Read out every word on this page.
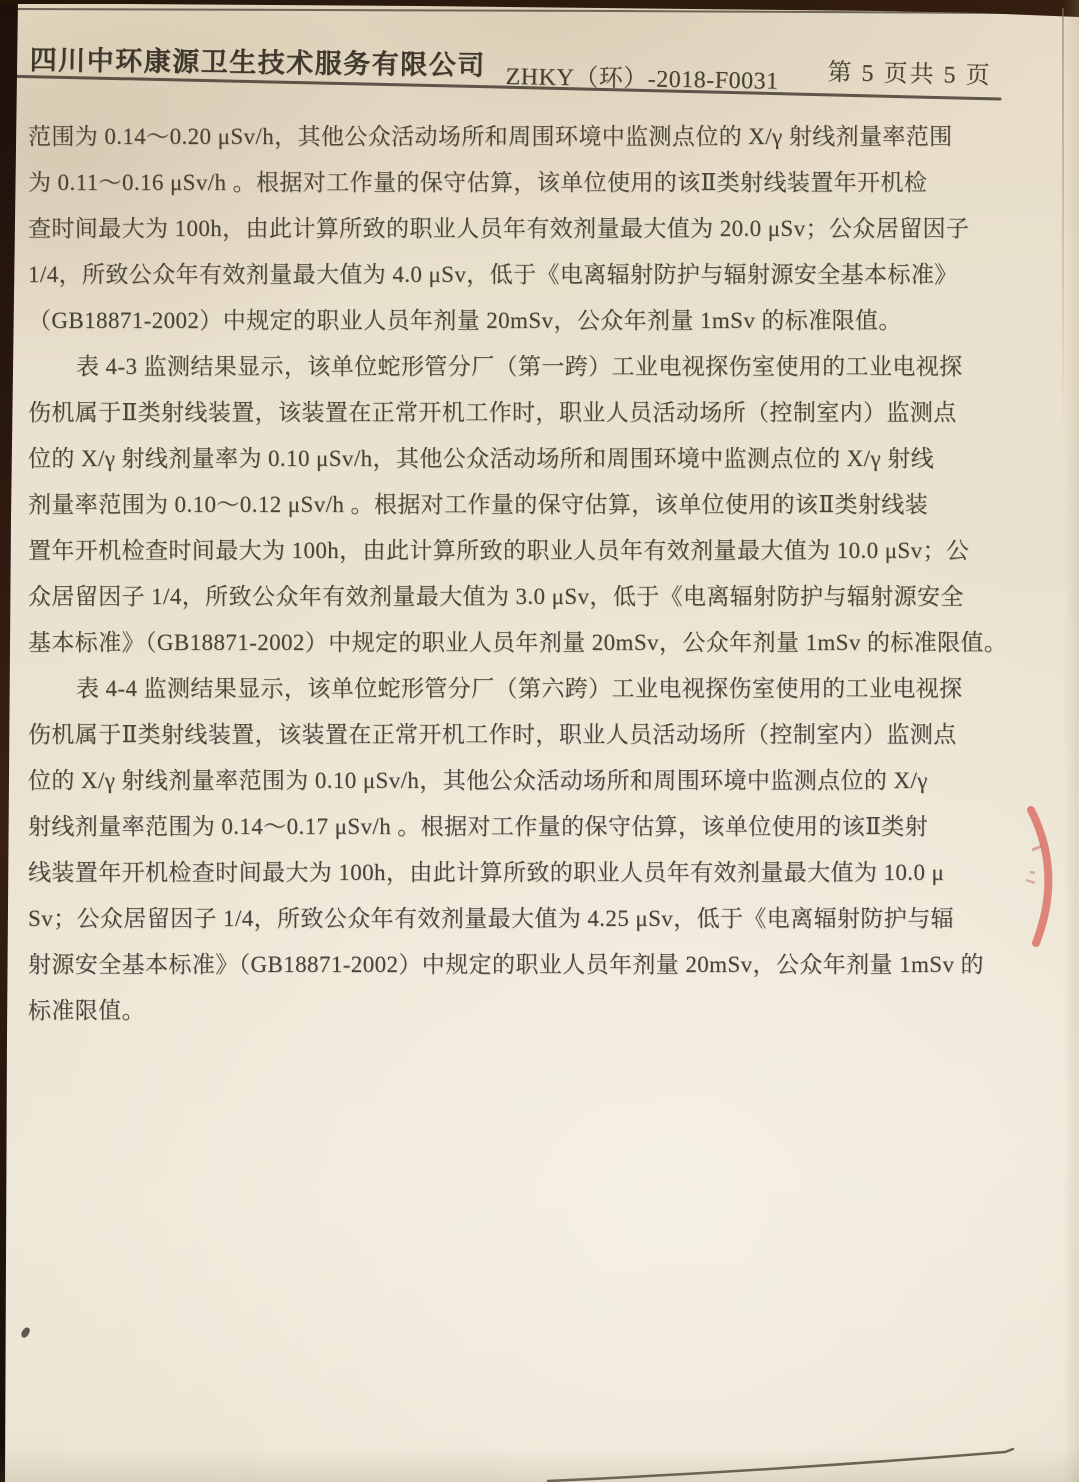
四川中环康源卫生技术服务有限公司 ZHKY（环）-2018-F0031 第 5 页共 5 页
范围为 0.14～0.20 μSv/h，其他公众活动场所和周围环境中监测点位的 X/γ 射线剂量率范围
为 0.11～0.16 μSv/h 。根据对工作量的保守估算，该单位使用的该Ⅱ类射线装置年开机检
查时间最大为 100h，由此计算所致的职业人员年有效剂量最大值为 20.0 μSv；公众居留因子
1/4，所致公众年有效剂量最大值为 4.0 μSv，低于《电离辐射防护与辐射源安全基本标准》
（GB18871-2002）中规定的职业人员年剂量 20mSv，公众年剂量 1mSv 的标准限值。
表 4-3 监测结果显示，该单位蛇形管分厂（第一跨）工业电视探伤室使用的工业电视探
伤机属于Ⅱ类射线装置，该装置在正常开机工作时，职业人员活动场所（控制室内）监测点
位的 X/γ 射线剂量率为 0.10 μSv/h，其他公众活动场所和周围环境中监测点位的 X/γ 射线
剂量率范围为 0.10～0.12 μSv/h 。根据对工作量的保守估算，该单位使用的该Ⅱ类射线装
置年开机检查时间最大为 100h，由此计算所致的职业人员年有效剂量最大值为 10.0 μSv；公
众居留因子 1/4，所致公众年有效剂量最大值为 3.0 μSv，低于《电离辐射防护与辐射源安全
基本标准》（GB18871-2002）中规定的职业人员年剂量 20mSv，公众年剂量 1mSv 的标准限值。
表 4-4 监测结果显示，该单位蛇形管分厂（第六跨）工业电视探伤室使用的工业电视探
伤机属于Ⅱ类射线装置，该装置在正常开机工作时，职业人员活动场所（控制室内）监测点
位的 X/γ 射线剂量率范围为 0.10 μSv/h，其他公众活动场所和周围环境中监测点位的 X/γ
射线剂量率范围为 0.14～0.17 μSv/h 。根据对工作量的保守估算，该单位使用的该Ⅱ类射
线装置年开机检查时间最大为 100h，由此计算所致的职业人员年有效剂量最大值为 10.0 μ
Sv；公众居留因子 1/4，所致公众年有效剂量最大值为 4.25 μSv，低于《电离辐射防护与辐
射源安全基本标准》（GB18871-2002）中规定的职业人员年剂量 20mSv，公众年剂量 1mSv 的
标准限值。
